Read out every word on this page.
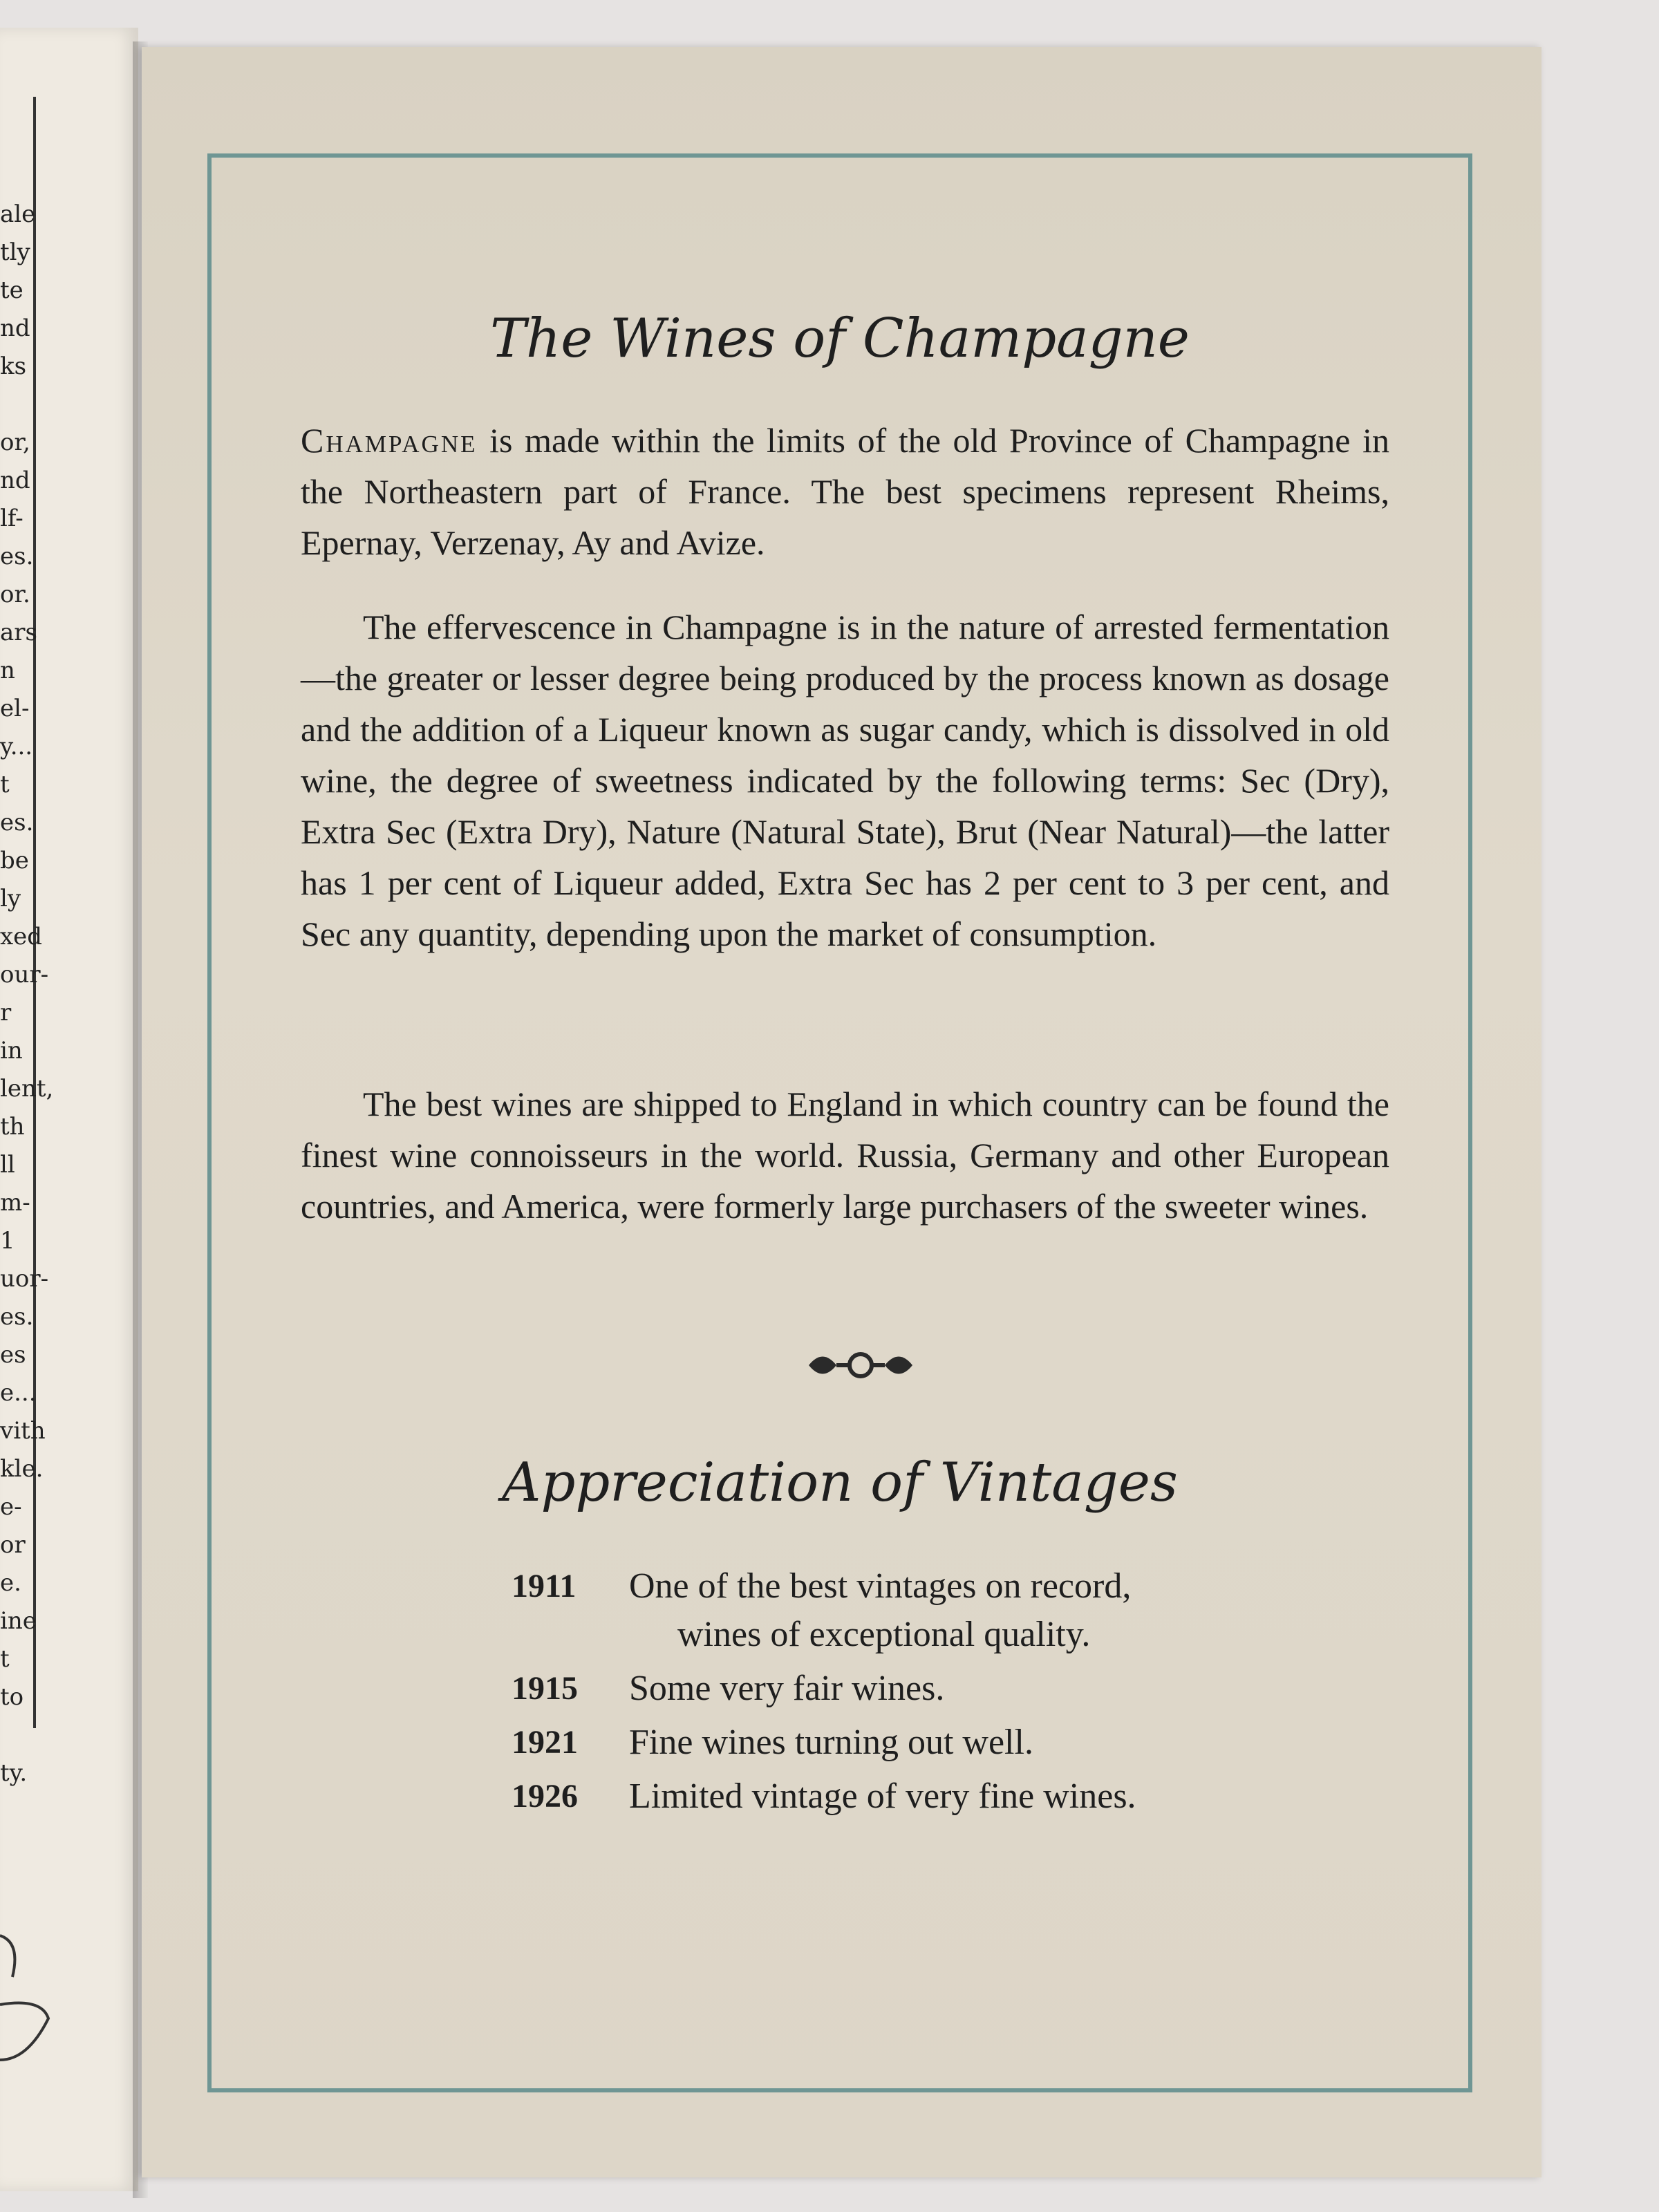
ale
tly
te
nd
ks
or,
nd
lf-
es.
or.
ars
n
el-
y...
t
es.
be
ly
xed
our-
r
in
lent,
th
ll
m-
1
uor-
es.
es
e...
vith
kle.
e-
or
e.
ine
t
to
ty.
The Wines of Champagne
Champagne is made within the limits of the old Province of Champagne in the Northeastern part of France. The best specimens represent Rheims, Epernay, Verzenay, Ay and Avize.
The effervescence in Champagne is in the nature of arrested fermentation—the greater or lesser degree being produced by the process known as dosage and the addition of a Liqueur known as sugar candy, which is dissolved in old wine, the degree of sweetness indicated by the following terms: Sec (Dry), Extra Sec (Extra Dry), Nature (Natural State), Brut (Near Natural)—the latter has 1 per cent of Liqueur added, Extra Sec has 2 per cent to 3 per cent, and Sec any quantity, depending upon the market of consumption.
The best wines are shipped to England in which country can be found the finest wine connoisseurs in the world. Russia, Germany and other European countries, and America, were formerly large purchasers of the sweeter wines.
Appreciation of Vintages
1911	One of the best vintages on record,
wines of exceptional quality.
1915	Some very fair wines.
1921	Fine wines turning out well.
1926	Limited vintage of very fine wines.
